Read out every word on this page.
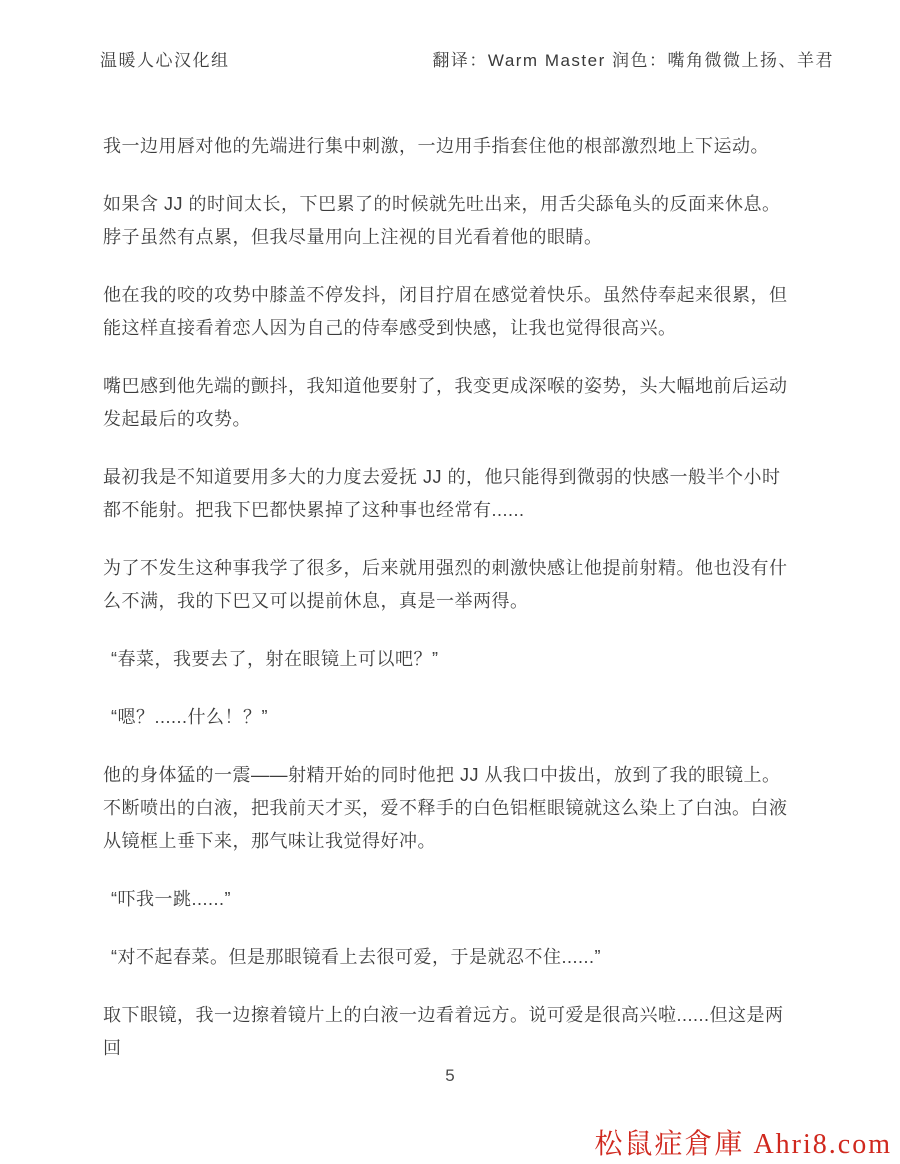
温暖人心汉化组	翻译：Warm Master 润色：嘴角微微上扬、羊君

我一边用唇对他的先端进行集中刺激，一边用手指套住他的根部激烈地上下运动。

如果含 JJ 的时间太长，下巴累了的时候就先吐出来，用舌尖舔龟头的反面来休息。脖子虽然有点累，但我尽量用向上注视的目光看着他的眼睛。

他在我的咬的攻势中膝盖不停发抖，闭目拧眉在感觉着快乐。虽然侍奉起来很累，但能这样直接看着恋人因为自己的侍奉感受到快感，让我也觉得很高兴。

嘴巴感到他先端的颤抖，我知道他要射了，我变更成深喉的姿势，头大幅地前后运动发起最后的攻势。

最初我是不知道要用多大的力度去爱抚 JJ 的，他只能得到微弱的快感一般半个小时都不能射。把我下巴都快累掉了这种事也经常有......

为了不发生这种事我学了很多，后来就用强烈的刺激快感让他提前射精。他也没有什么不满，我的下巴又可以提前休息，真是一举两得。

“春菜，我要去了，射在眼镜上可以吧？”

“嗯？......什么！？”

他的身体猛的一震——射精开始的同时他把 JJ 从我口中拔出，放到了我的眼镜上。不断喷出的白液，把我前天才买，爱不释手的白色铝框眼镜就这么染上了白浊。白液从镜框上垂下来，那气味让我觉得好冲。

“吓我一跳......”

“对不起春菜。但是那眼镜看上去很可爱，于是就忍不住......”

取下眼镜，我一边擦着镜片上的白液一边看着远方。说可爱是很高兴啦......但这是两回

5
松鼠症倉庫 Ahri8.com
